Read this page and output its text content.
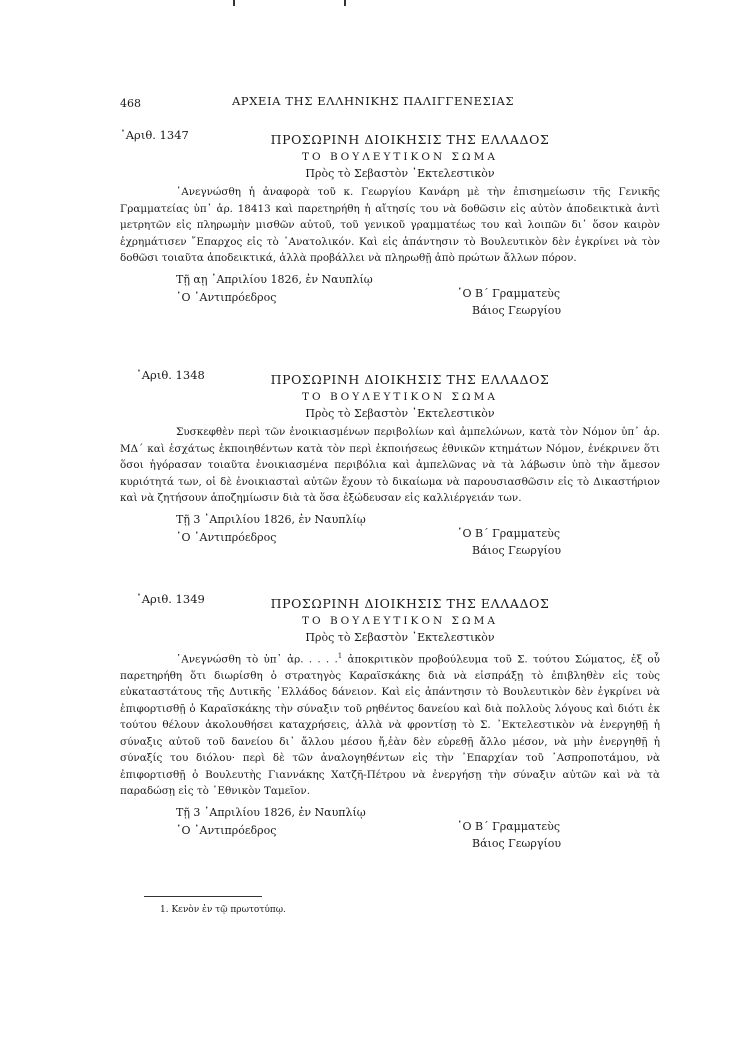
468	ΑΡΧΕΙΑ ΤΗΣ ΕΛΛΗΝΙΚΗΣ ΠΑΛΙΓΓΕΝΕΣΙΑΣ
᾿Αριθ. 1347	ΠΡΟΣΩΡΙΝΗ ΔΙΟΙΚΗΣΙΣ ΤΗΣ ΕΛΛΑΔΟΣ
ΤΟ ΒΟΥΛΕΥΤΙΚΟΝ ΣΩΜΑ
Πρὸς τὸ Σεβαστὸν ᾿Εκτελεστικὸν

᾿Ανεγνώσθη ἡ ἀναφορὰ τοῦ κ. Γεωργίου Κανάρη μὲ τὴν ἐπισημείωσιν τῆς Γενικῆς Γραμματείας ὑπ᾿ ἀρ. 18413 καὶ παρετηρήθη ἡ αἴτησίς του νὰ δοθῶσιν εἰς αὐτὸν ἀποδεικτικὰ ἀντὶ μετρητῶν εἰς πληρωμὴν μισθῶν αὐτοῦ, τοῦ γενικοῦ γραμματέως του καὶ λοιπῶν δι᾿ ὅσον καιρὸν ἐχρημάτισεν ῎Επαρχος εἰς τὸ ᾿Ανατολικόν. Καὶ εἰς ἀπάντησιν τὸ Βουλευτικὸν δὲν ἐγκρίνει νὰ τὸν δοθῶσι τοιαῦτα ἀποδεικτικά, ἀλλὰ προβάλλει νὰ πληρωθῇ ἀπὸ πρώτων ἄλλων πόρον.

Τῇ αῃ ᾿Απριλίου 1826, ἐν Ναυπλίῳ
῾Ο ᾿Αντιπρόεδρος	῾Ο Β΄ Γραμματεὺς
Βάιος Γεωργίου
᾿Αριθ. 1348	ΠΡΟΣΩΡΙΝΗ ΔΙΟΙΚΗΣΙΣ ΤΗΣ ΕΛΛΑΔΟΣ
ΤΟ ΒΟΥΛΕΥΤΙΚΟΝ ΣΩΜΑ
Πρὸς τὸ Σεβαστὸν ᾿Εκτελεστικὸν

Συσκεφθὲν περὶ τῶν ἐνοικιασμένων περιβολίων καὶ ἀμπελώνων, κατὰ τὸν Νόμον ὑπ᾿ ἀρ. ΜΔ΄ καὶ ἐσχάτως ἐκποιηθέντων κατὰ τὸν περὶ ἐκποιήσεως ἐθνικῶν κτημάτων Νόμον, ἐνέκρινεν ὅτι ὅσοι ἠγόρασαν τοιαῦτα ἐνοικιασμένα περιβόλια καὶ ἀμπελῶνας νὰ τὰ λάβωσιν ὑπὸ τὴν ἄμεσον κυριότητά των, οἱ δὲ ἐνοικιασταὶ αὐτῶν ἔχουν τὸ δικαίωμα νὰ παρουσιασθῶσιν εἰς τὸ Δικαστήριον καὶ νὰ ζητήσουν ἀποζημίωσιν διὰ τὰ ὅσα ἐξώδευσαν εἰς καλλιέργειάν των.

Τῇ 3 ᾿Απριλίου 1826, ἐν Ναυπλίῳ
῾Ο ᾿Αντιπρόεδρος	῾Ο Β΄ Γραμματεὺς
Βάιος Γεωργίου
᾿Αριθ. 1349	ΠΡΟΣΩΡΙΝΗ ΔΙΟΙΚΗΣΙΣ ΤΗΣ ΕΛΛΑΔΟΣ
ΤΟ ΒΟΥΛΕΥΤΙΚΟΝ ΣΩΜΑ
Πρὸς τὸ Σεβαστὸν ᾿Εκτελεστικὸν

᾿Ανεγνώσθη τὸ ὑπ᾿ ἀρ. . . . .$^1$ ἀποκριτικὸν προβούλευμα τοῦ Σ. τούτου Σώματος, ἐξ οὗ παρετηρήθη ὅτι διωρίσθη ὁ στρατηγὸς Καραϊσκάκης διὰ νὰ εἰσπράξῃ τὸ ἐπιβληθὲν εἰς τοὺς εὐκαταστάτους τῆς Δυτικῆς ῾Ελλάδος δάνειον. Καὶ εἰς ἀπάντησιν τὸ Βουλευτικὸν δὲν ἐγκρίνει νὰ ἐπιφορτισθῇ ὁ Καραϊσκάκης τὴν σύναξιν τοῦ ρηθέντος δανείου καὶ διὰ πολλοὺς λόγους καὶ διότι ἐκ τούτου θέλουν ἀκολουθήσει καταχρήσεις, ἀλλὰ νὰ φροντίσῃ τὸ Σ. ᾿Εκτελεστικὸν νὰ ἐνεργηθῇ ἡ σύναξις αὐτοῦ τοῦ δανείου δι᾿ ἄλλου μέσου ἤ,ἐὰν δὲν εὑρεθῇ ἄλλο μέσον, νὰ μὴν ἐνεργηθῇ ἡ σύναξίς του διόλου· περὶ δὲ τῶν ἀναλογηθέντων εἰς τὴν ᾿Επαρχίαν τοῦ ᾿Ασπροποτάμου, νὰ ἐπιφορτισθῇ ὁ Βουλευτὴς Γιαννάκης Χατζῆ-Πέτρου νὰ ἐνεργήσῃ τὴν σύναξιν αὐτῶν καὶ νὰ τὰ παραδώσῃ εἰς τὸ ᾿Εθνικὸν Ταμεῖον.

Τῇ 3 ᾿Απριλίου 1826, ἐν Ναυπλίῳ
῾Ο ᾿Αντιπρόεδρος	῾Ο Β΄ Γραμματεὺς
Βάιος Γεωργίου
1. Κενὸν ἐν τῷ πρωτοτύπῳ.
